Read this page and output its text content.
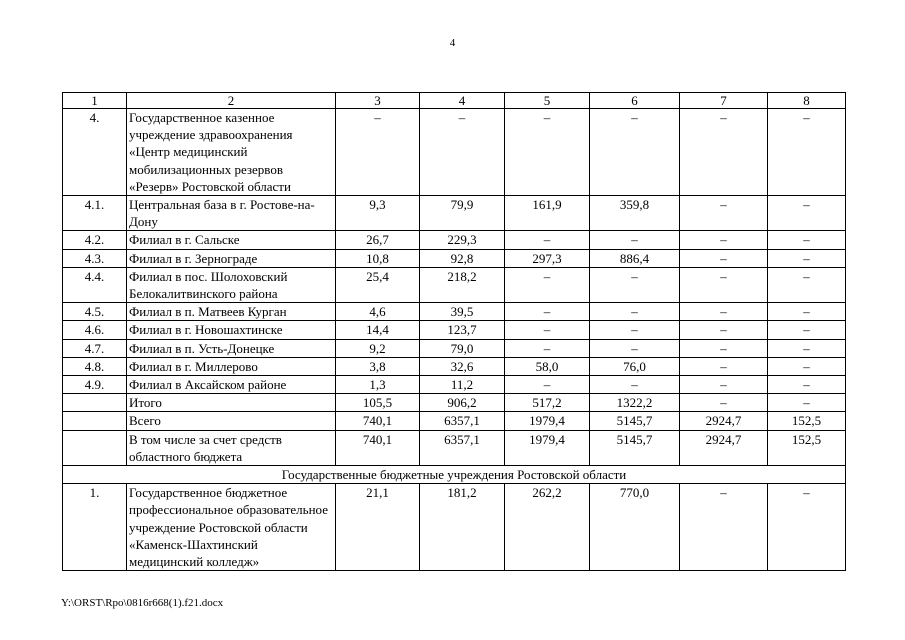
4
1	2	3	4	5	6	7	8
4.	Государственное казенное учреждение здравоохранения «Центр медицинский мобилизационных резервов «Резерв» Ростовской области	–	–	–	–	–	–
4.1.	Центральная база в г. Ростове-на-Дону	9,3	79,9	161,9	359,8	–	–
4.2.	Филиал в г. Сальске	26,7	229,3	–	–	–	–
4.3.	Филиал в г. Зернограде	10,8	92,8	297,3	886,4	–	–
4.4.	Филиал в пос. Шолоховский Белокалитвинского района	25,4	218,2	–	–	–	–
4.5.	Филиал в п. Матвеев Курган	4,6	39,5	–	–	–	–
4.6.	Филиал в г. Новошахтинске	14,4	123,7	–	–	–	–
4.7.	Филиал в п. Усть-Донецке	9,2	79,0	–	–	–	–
4.8.	Филиал в г. Миллерово	3,8	32,6	58,0	76,0	–	–
4.9.	Филиал в Аксайском районе	1,3	11,2	–	–	–	–
	Итого	105,5	906,2	517,2	1322,2	–	–
	Всего	740,1	6357,1	1979,4	5145,7	2924,7	152,5
	В том числе за счет средств областного бюджета	740,1	6357,1	1979,4	5145,7	2924,7	152,5
Государственные бюджетные учреждения Ростовской области							
1.	Государственное бюджетное профессиональное образовательное учреждение Ростовской области «Каменск-Шахтинский медицинский колледж»	21,1	181,2	262,2	770,0	–	–
Y:\ORST\Rpo\0816r668(1).f21.docx
